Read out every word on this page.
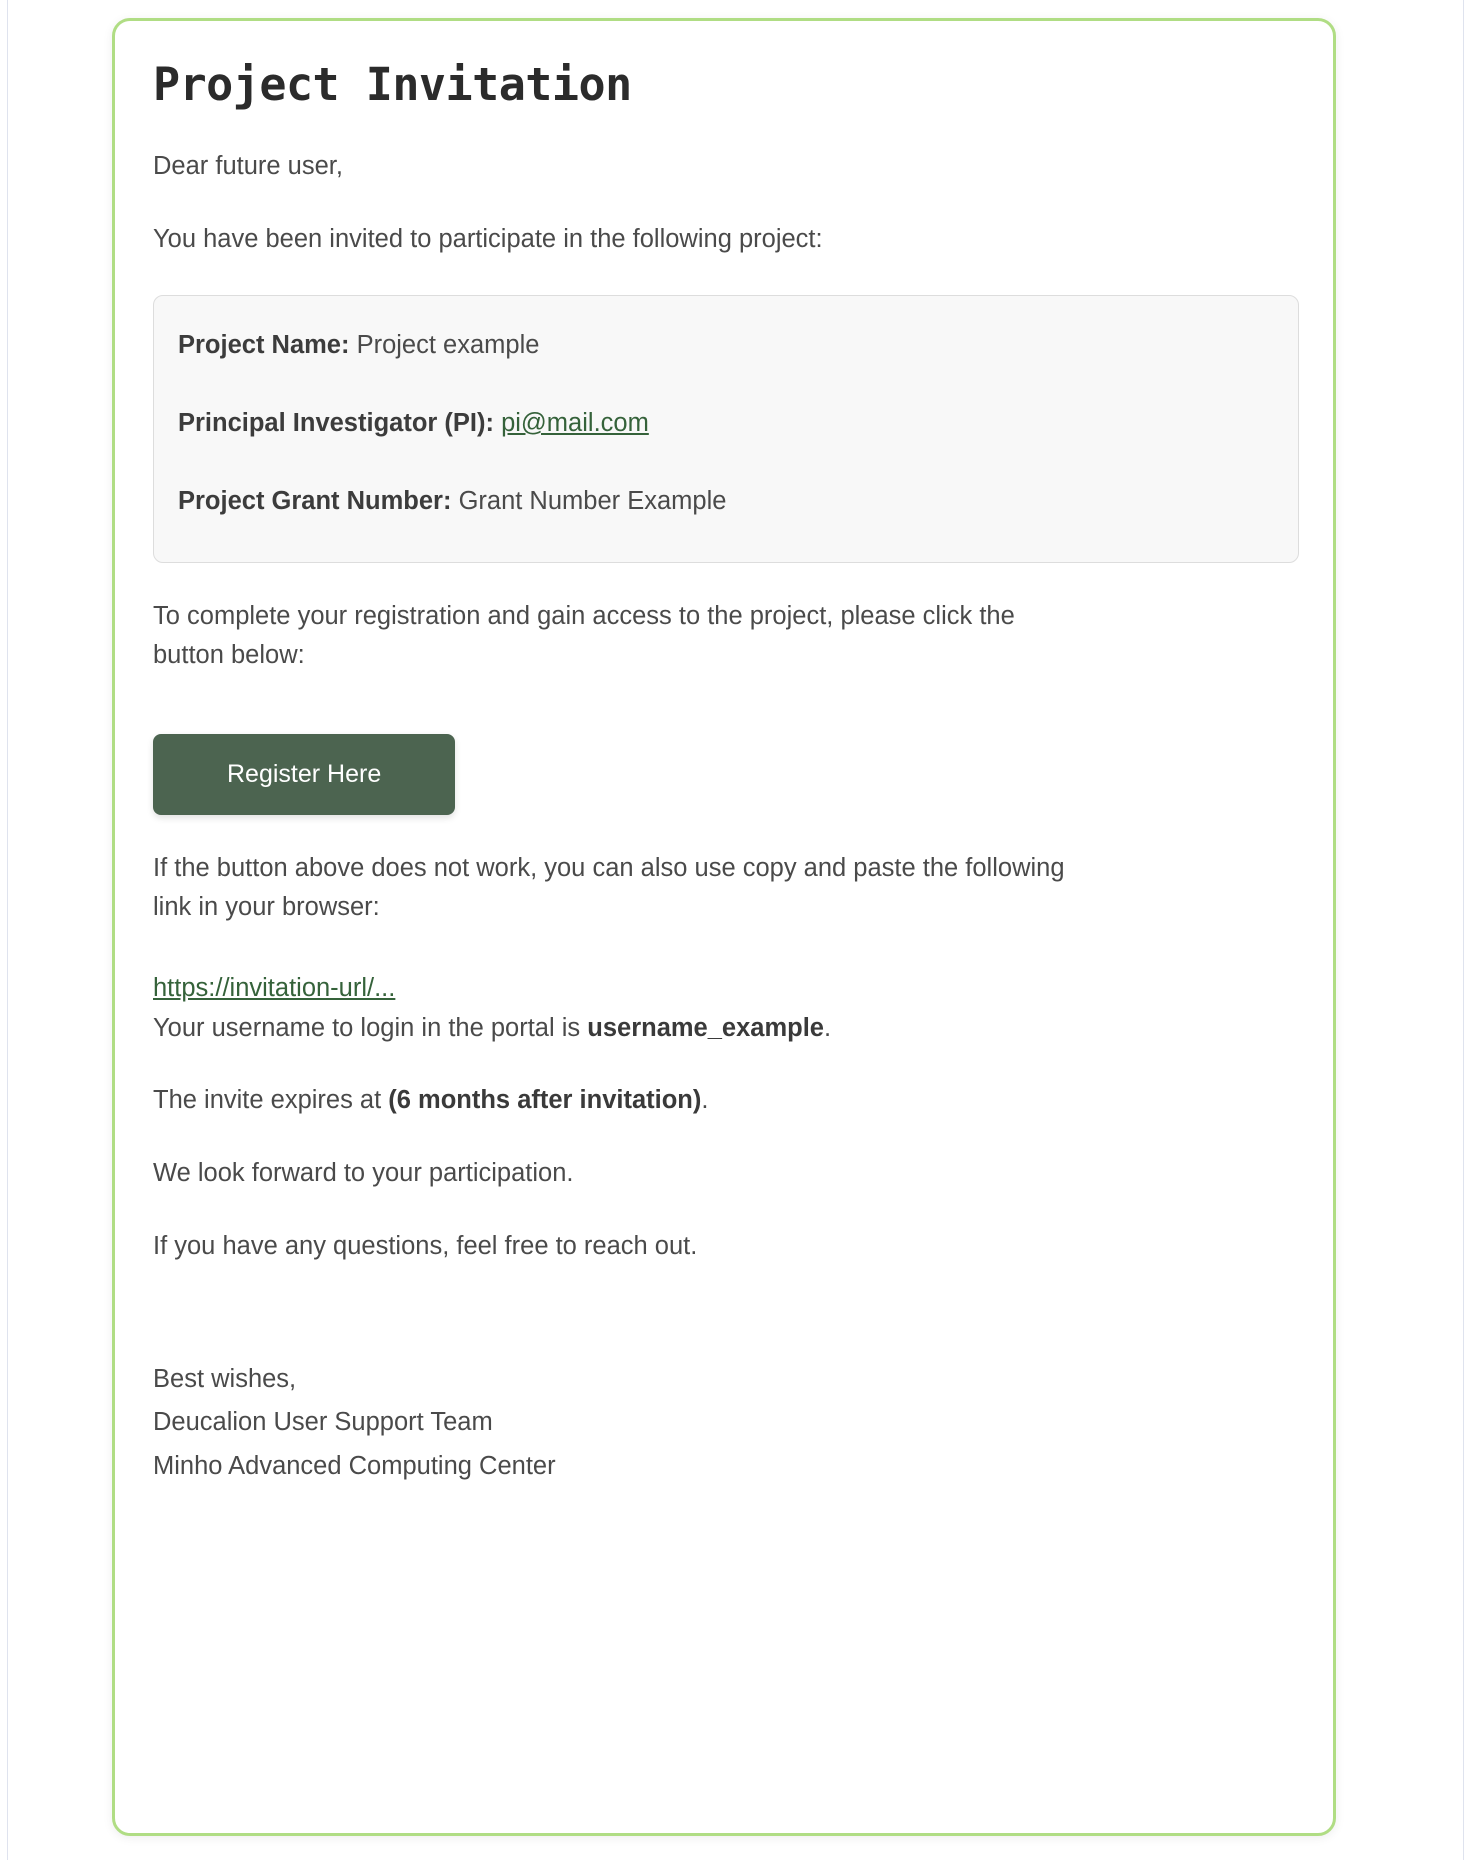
Project Invitation

Dear future user,

You have been invited to participate in the following project:

Project Name: Project example

Principal Investigator (PI): pi@mail.com

Project Grant Number: Grant Number Example

To complete your registration and gain access to the project, please click the button below:

Register Here

If the button above does not work, you can also use copy and paste the following link in your browser:

https://invitation-url/...

Your username to login in the portal is username_example.

The invite expires at (6 months after invitation).

We look forward to your participation.

If you have any questions, feel free to reach out.

Best wishes,
Deucalion User Support Team
Minho Advanced Computing Center
